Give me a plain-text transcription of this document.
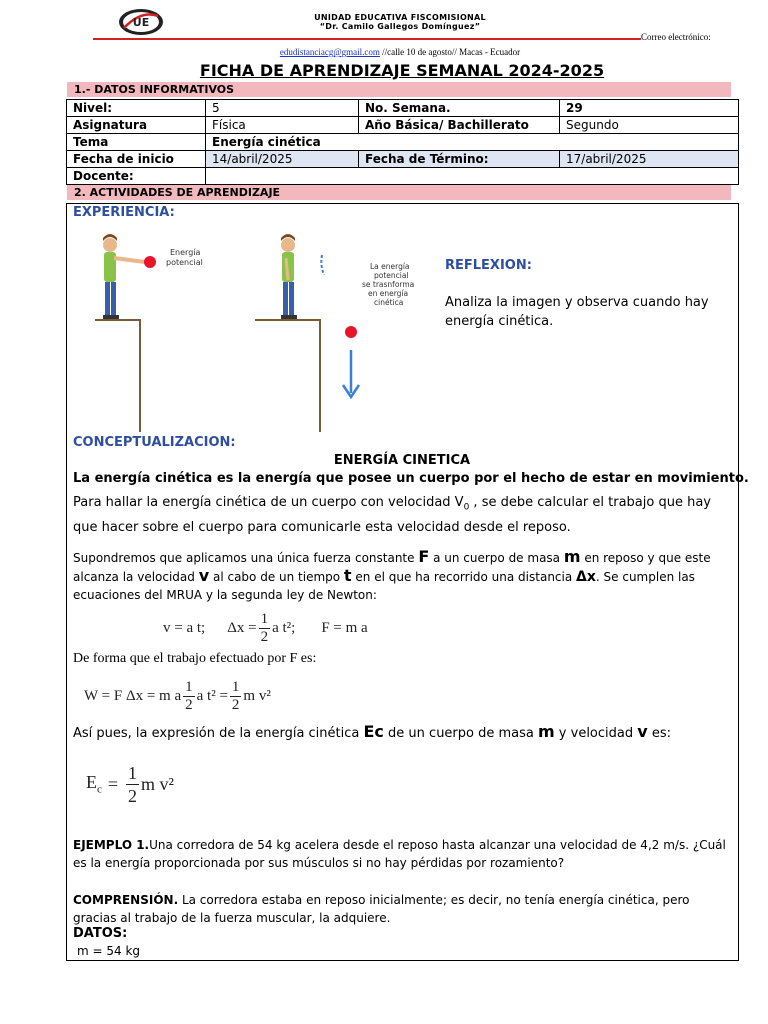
UE	UNIDAD EDUCATIVA FISCOMISIONAL
“Dr. Camilo Gallegos Domínguez”
Correo electrónico:
edudistanciacg@gmail.com //calle 10 de agosto// Macas - Ecuador
FICHA DE APRENDIZAJE SEMANAL 2024-2025
1.- DATOS INFORMATIVOS
Nivel:	5	No. Semana.	29
Asignatura	Física	Año Básica/ Bachillerato	Segundo
Tema	Energía cinética		
Fecha de inicio	14/abril/2025	Fecha de Término:	17/abril/2025
Docente:			
2. ACTIVIDADES DE APRENDIZAJE
EXPERIENCIA:
Energía potencial	La energía potencial se trasnforma en energía cinética
REFLEXION:
Analiza la imagen y observa cuando hay energía cinética.
CONCEPTUALIZACION:
ENERGÍA CINETICA
La energía cinética es la energía que posee un cuerpo por el hecho de estar en movimiento.
Para hallar la energía cinética de un cuerpo con velocidad $V_0$ , se debe calcular el trabajo que hay que hacer sobre el cuerpo para comunicarle esta velocidad desde el reposo.
Supondremos que aplicamos una única fuerza constante F a un cuerpo de masa m en reposo y que este alcanza la velocidad v al cabo de un tiempo t en el que ha recorrido una distancia Δx. Se cumplen las ecuaciones del MRUA y la segunda ley de Newton:
v = a t; $\Delta x = \frac{1}{2}$ a t²; F = m a
De forma que el trabajo efectuado por F es:
W = F Δx = m a $\frac{1}{2}$ a $t^2 = \frac{1}{2}$ m v²
Así pues, la expresión de la energía cinética Ec de un cuerpo de masa m y velocidad v es:
$E_c = \frac{1}{2}$ m v²
EJEMPLO 1.Una corredora de 54 kg acelera desde el reposo hasta alcanzar una velocidad de 4,2 m/s. ¿Cuál es la energía proporcionada por sus músculos si no hay pérdidas por rozamiento?
COMPRENSIÓN. La corredora estaba en reposo inicialmente; es decir, no tenía energía cinética, pero gracias al trabajo de la fuerza muscular, la adquiere.
DATOS:
m = 54 kg
